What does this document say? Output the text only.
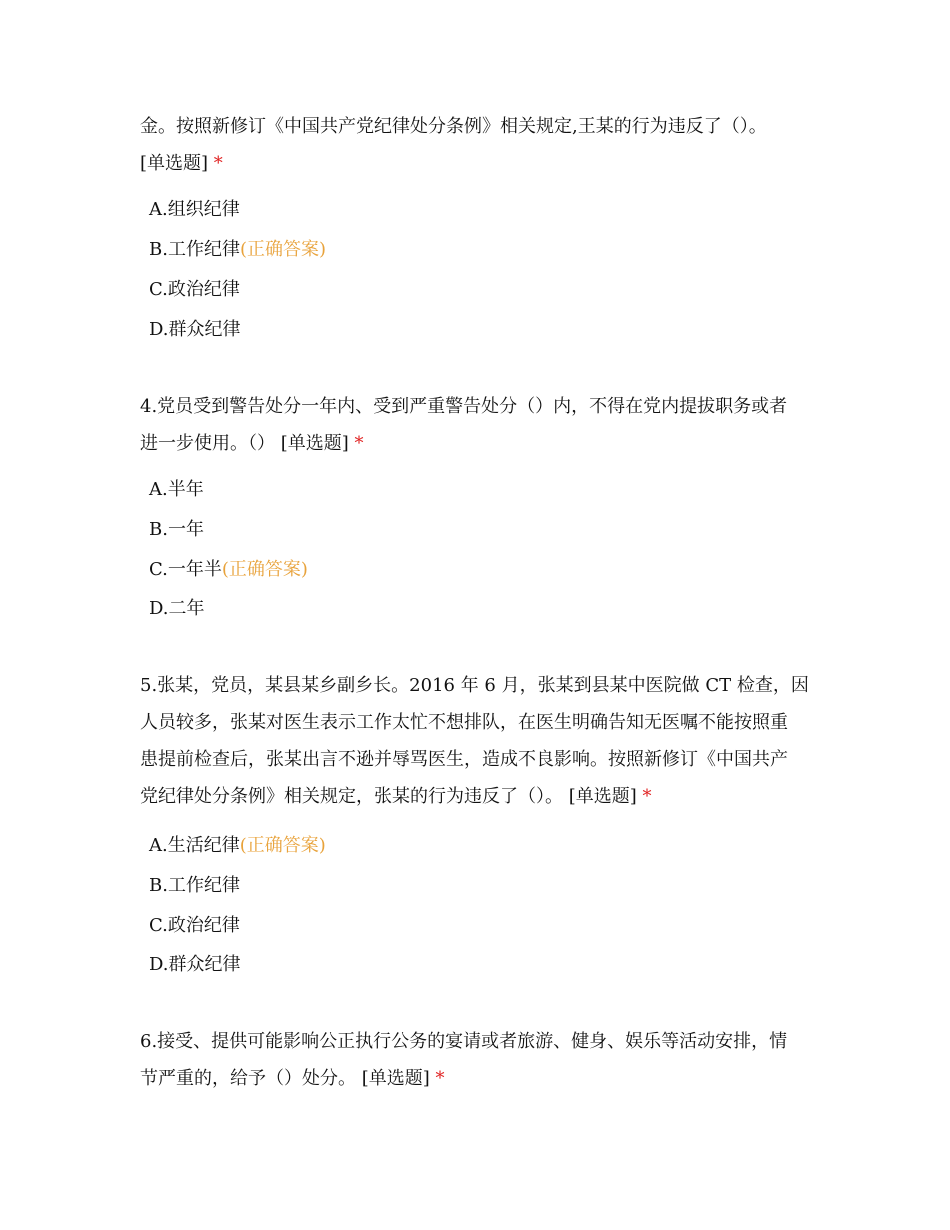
金。按照新修订《中国共产党纪律处分条例》相关规定,王某的行为违反了（）。

[单选题] *

A.组织纪律
B.工作纪律(正确答案)
C.政治纪律
D.群众纪律

4.党员受到警告处分一年内、受到严重警告处分（）内，不得在党内提拔职务或者

进一步使用。（） [单选题] *

A.半年
B.一年
C.一年半(正确答案)
D.二年

5.张某，党员，某县某乡副乡长。2016 年 6 月，张某到县某中医院做 CT 检查，因

人员较多，张某对医生表示工作太忙不想排队，在医生明确告知无医嘱不能按照重

患提前检查后，张某出言不逊并辱骂医生，造成不良影响。按照新修订《中国共产

党纪律处分条例》相关规定，张某的行为违反了（）。 [单选题] *

A.生活纪律(正确答案)
B.工作纪律
C.政治纪律
D.群众纪律

6.接受、提供可能影响公正执行公务的宴请或者旅游、健身、娱乐等活动安排，情

节严重的，给予（）处分。 [单选题] *
